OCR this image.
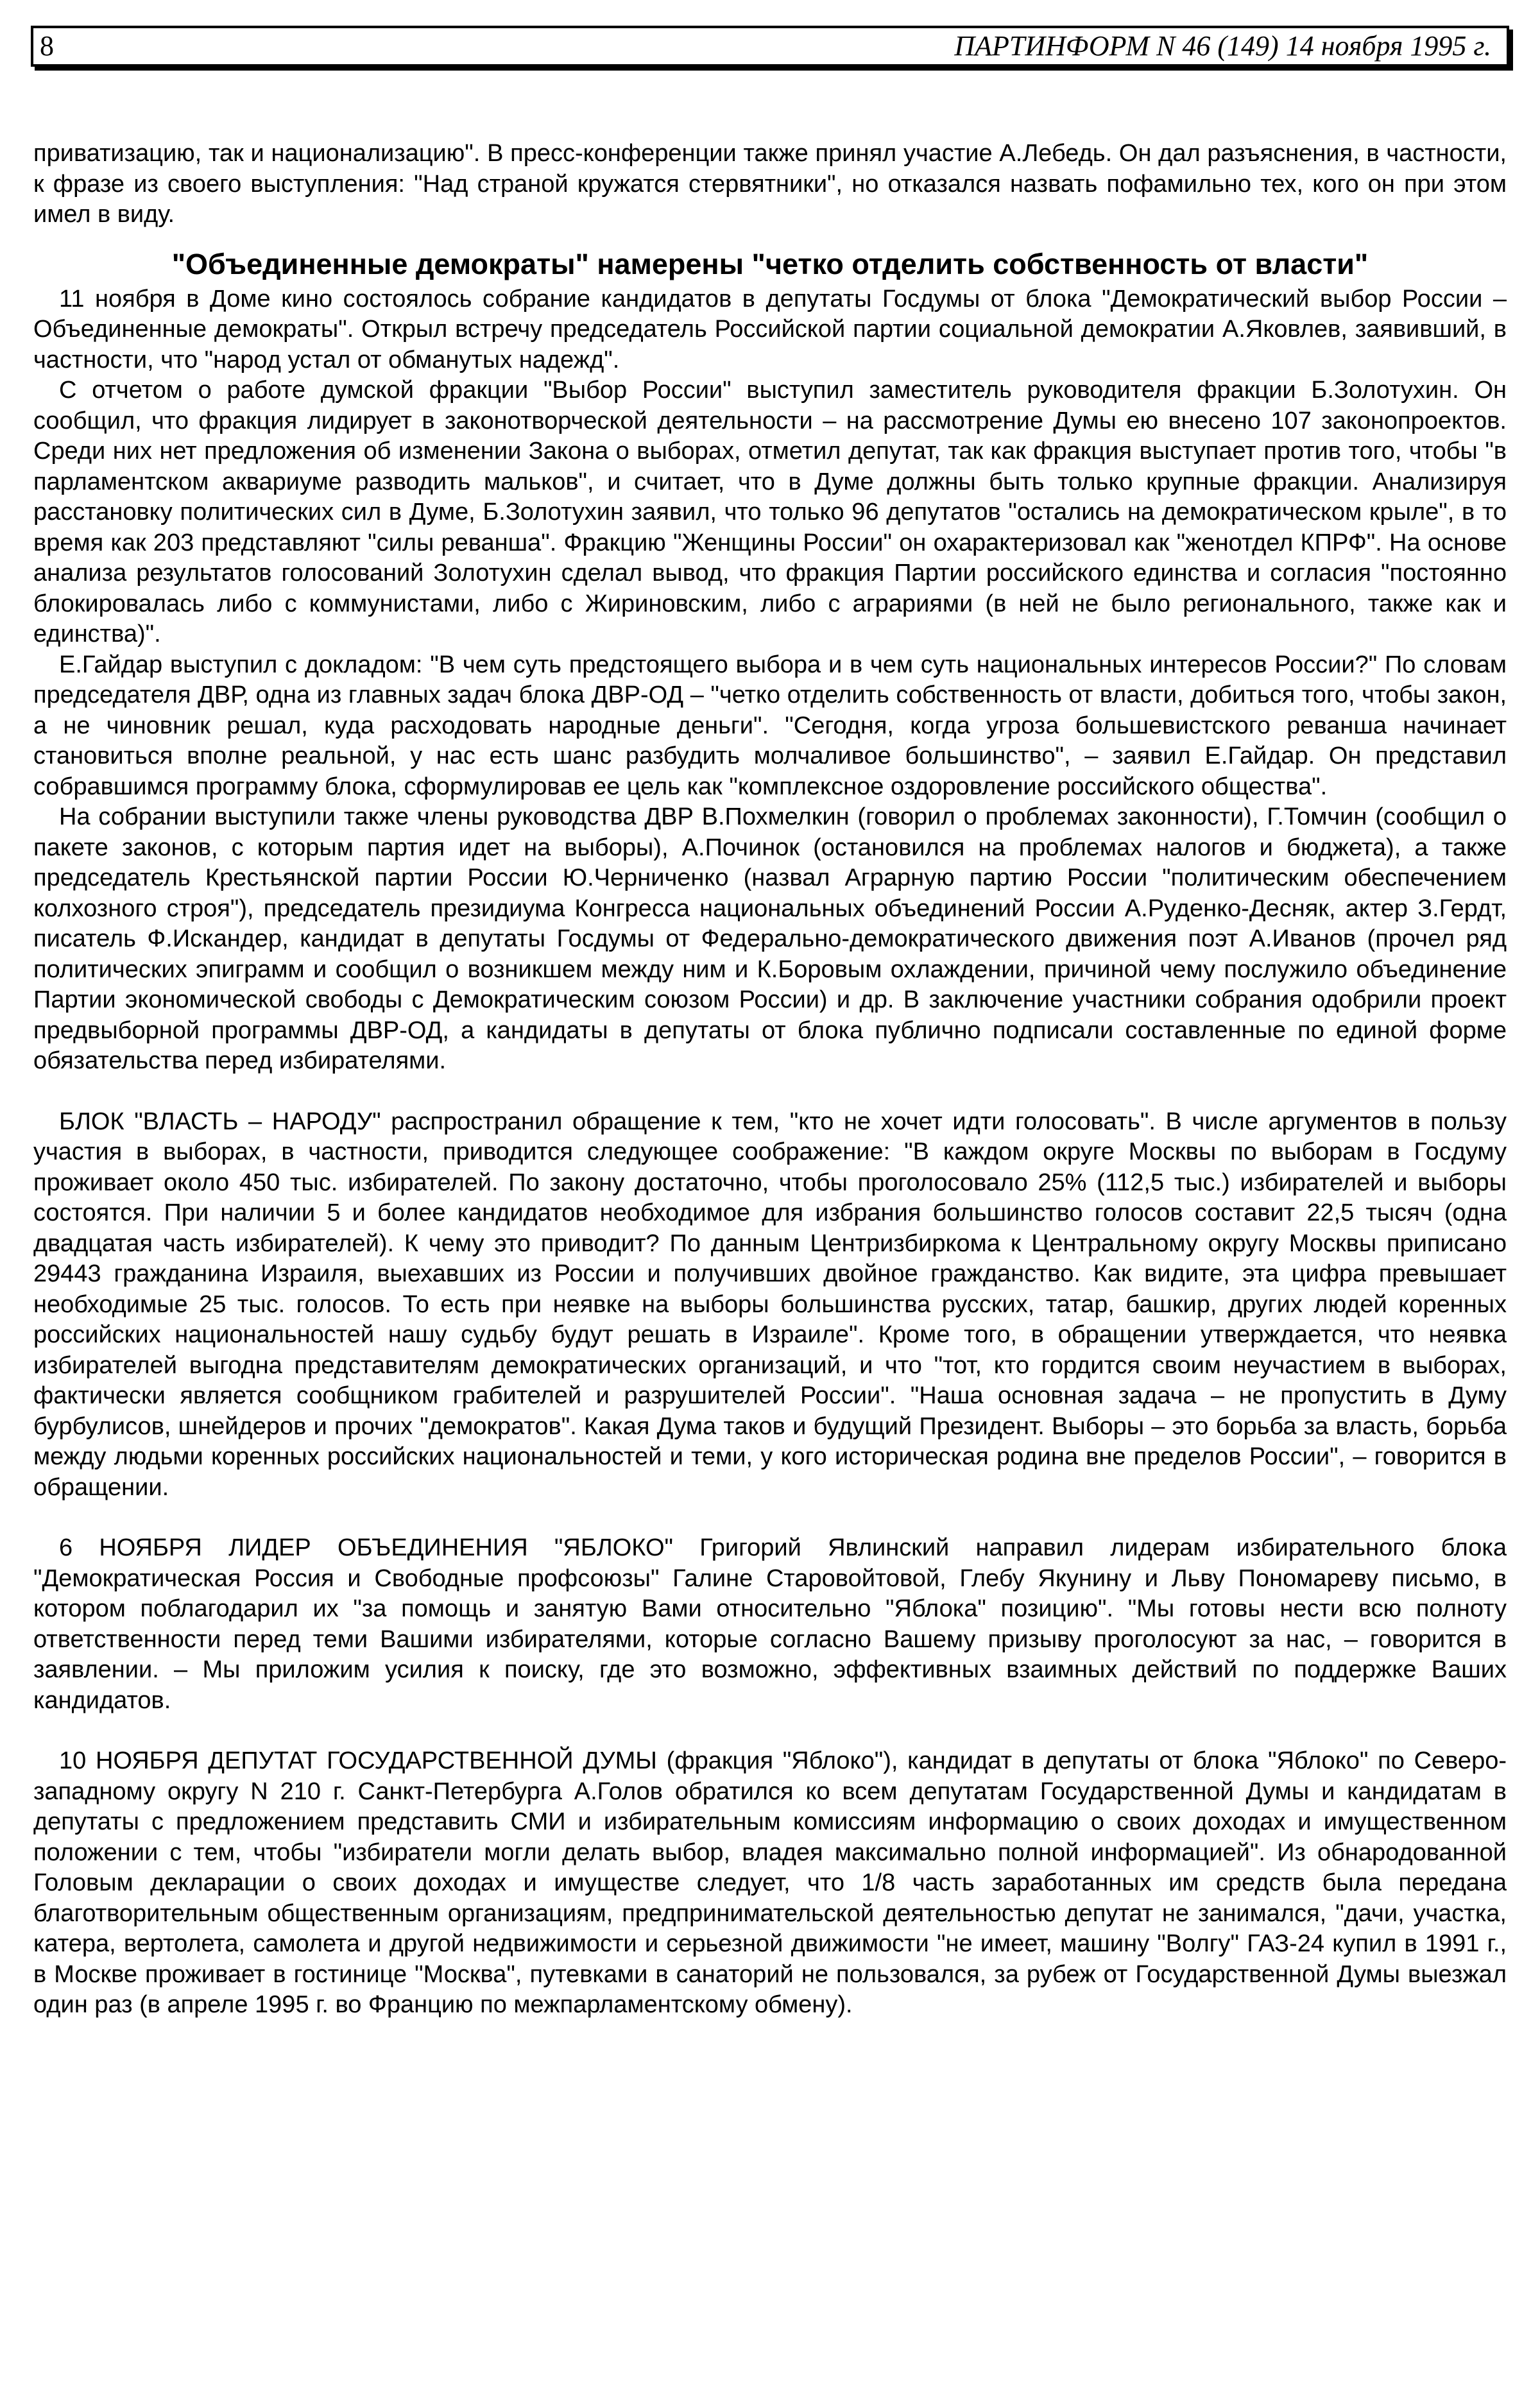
8	ПАРТИНФОРМ N 46 (149) 14 ноября 1995 г.

приватизацию, так и национализацию". В пресс-конференции также принял участие А.Лебедь. Он дал разъяснения, в частности, к фразе из своего выступления: "Над страной кружатся стервятники", но отказался назвать пофамильно тех, кого он при этом имел в виду.

"Объединенные демократы" намерены "четко отделить собственность от власти"

11 ноября в Доме кино состоялось собрание кандидатов в депутаты Госдумы от блока "Демократический выбор России – Объединенные демократы". Открыл встречу председатель Российской партии социальной демократии А.Яковлев, заявивший, в частности, что "народ устал от обманутых надежд".

С отчетом о работе думской фракции "Выбор России" выступил заместитель руководителя фракции Б.Золотухин. Он сообщил, что фракция лидирует в законотворческой деятельности – на рассмотрение Думы ею внесено 107 законопроектов. Среди них нет предложения об изменении Закона о выборах, отметил депутат, так как фракция выступает против того, чтобы "в парламентском аквариуме разводить мальков", и считает, что в Думе должны быть только крупные фракции. Анализируя расстановку политических сил в Думе, Б.Золотухин заявил, что только 96 депутатов "остались на демократическом крыле", в то время как 203 представляют "силы реванша". Фракцию "Женщины России" он охарактеризовал как "женотдел КПРФ". На основе анализа результатов голосований Золотухин сделал вывод, что фракция Партии российского единства и согласия "постоянно блокировалась либо с коммунистами, либо с Жириновским, либо с аграриями (в ней не было регионального, также как и единства)".

Е.Гайдар выступил с докладом: "В чем суть предстоящего выбора и в чем суть национальных интересов России?" По словам председателя ДВР, одна из главных задач блока ДВР-ОД – "четко отделить собственность от власти, добиться того, чтобы закон, а не чиновник решал, куда расходовать народные деньги". "Сегодня, когда угроза большевистского реванша начинает становиться вполне реальной, у нас есть шанс разбудить молчаливое большинство", – заявил Е.Гайдар. Он представил собравшимся программу блока, сформулировав ее цель как "комплексное оздоровление российского общества".

На собрании выступили также члены руководства ДВР В.Похмелкин (говорил о проблемах законности), Г.Томчин (сообщил о пакете законов, с которым партия идет на выборы), А.Починок (остановился на проблемах налогов и бюджета), а также председатель Крестьянской партии России Ю.Черниченко (назвал Аграрную партию России "политическим обеспечением колхозного строя"), председатель президиума Конгресса национальных объединений России А.Руденко-Десняк, актер З.Гердт, писатель Ф.Искандер, кандидат в депутаты Госдумы от Федерально-демократического движения поэт А.Иванов (прочел ряд политических эпиграмм и сообщил о возникшем между ним и К.Боровым охлаждении, причиной чему послужило объединение Партии экономической свободы с Демократическим союзом России) и др. В заключение участники собрания одобрили проект предвыборной программы ДВР-ОД, а кандидаты в депутаты от блока публично подписали составленные по единой форме обязательства перед избирателями.

БЛОК "ВЛАСТЬ – НАРОДУ" распространил обращение к тем, "кто не хочет идти голосовать". В числе аргументов в пользу участия в выборах, в частности, приводится следующее соображение: "В каждом округе Москвы по выборам в Госдуму проживает около 450 тыс. избирателей. По закону достаточно, чтобы проголосовало 25% (112,5 тыс.) избирателей и выборы состоятся. При наличии 5 и более кандидатов необходимое для избрания большинство голосов составит 22,5 тысяч (одна двадцатая часть избирателей). К чему это приводит? По данным Центризбиркома к Центральному округу Москвы приписано 29443 гражданина Израиля, выехавших из России и получивших двойное гражданство. Как видите, эта цифра превышает необходимые 25 тыс. голосов. То есть при неявке на выборы большинства русских, татар, башкир, других людей коренных российских национальностей нашу судьбу будут решать в Израиле". Кроме того, в обращении утверждается, что неявка избирателей выгодна представителям демократических организаций, и что "тот, кто гордится своим неучастием в выборах, фактически является сообщником грабителей и разрушителей России". "Наша основная задача – не пропустить в Думу бурбулисов, шнейдеров и прочих "демократов". Какая Дума таков и будущий Президент. Выборы – это борьба за власть, борьба между людьми коренных российских национальностей и теми, у кого историческая родина вне пределов России", – говорится в обращении.

6 НОЯБРЯ ЛИДЕР ОБЪЕДИНЕНИЯ "ЯБЛОКО" Григорий Явлинский направил лидерам избирательного блока "Демократическая Россия и Свободные профсоюзы" Галине Старовойтовой, Глебу Якунину и Льву Пономареву письмо, в котором поблагодарил их "за помощь и занятую Вами относительно "Яблока" позицию". "Мы готовы нести всю полноту ответственности перед теми Вашими избирателями, которые согласно Вашему призыву проголосуют за нас, – говорится в заявлении. – Мы приложим усилия к поиску, где это возможно, эффективных взаимных действий по поддержке Ваших кандидатов.

10 НОЯБРЯ ДЕПУТАТ ГОСУДАРСТВЕННОЙ ДУМЫ (фракция "Яблоко"), кандидат в депутаты от блока "Яблоко" по Северо-западному округу N 210 г. Санкт-Петербурга А.Голов обратился ко всем депутатам Государственной Думы и кандидатам в депутаты с предложением представить СМИ и избирательным комиссиям информацию о своих доходах и имущественном положении с тем, чтобы "избиратели могли делать выбор, владея максимально полной информацией". Из обнародованной Головым декларации о своих доходах и имуществе следует, что 1/8 часть заработанных им средств была передана благотворительным общественным организациям, предпринимательской деятельностью депутат не занимался, "дачи, участка, катера, вертолета, самолета и другой недвижимости и серьезной движимости "не имеет, машину "Волгу" ГАЗ-24 купил в 1991 г., в Москве проживает в гостинице "Москва", путевками в санаторий не пользовался, за рубеж от Государственной Думы выезжал один раз (в апреле 1995 г. во Францию по межпарламентскому обмену).
